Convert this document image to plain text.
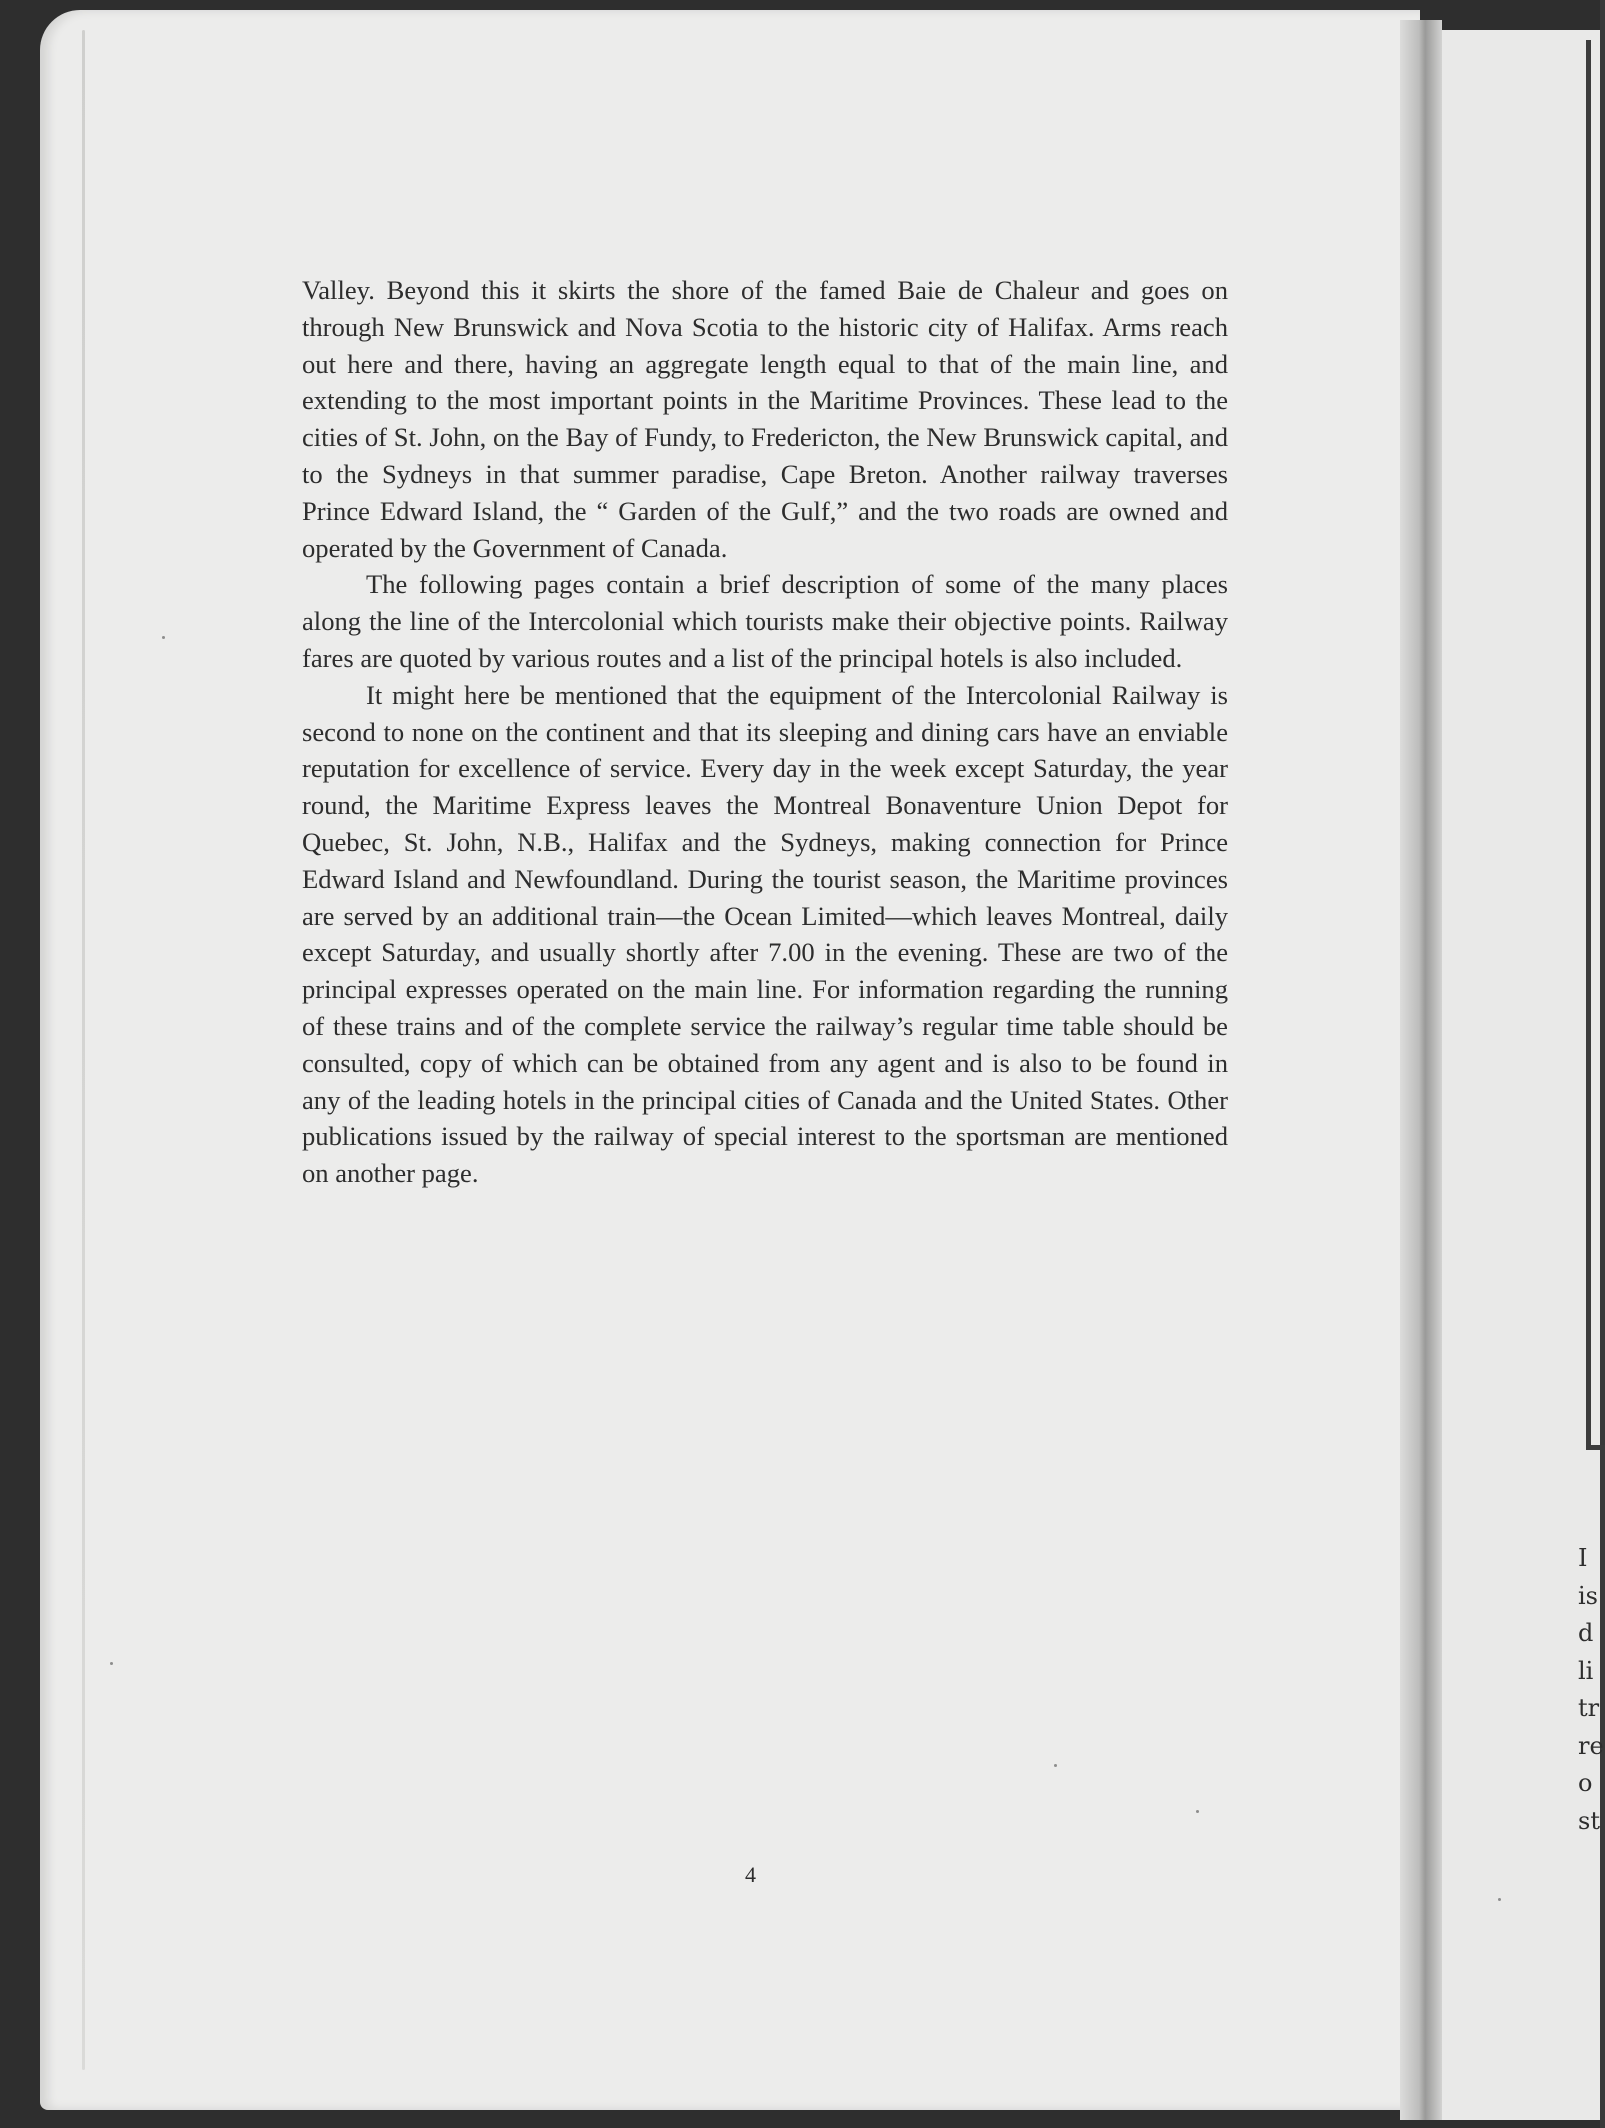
Valley. Beyond this it skirts the shore of the famed Baie de Chaleur and goes on through New Brunswick and Nova Scotia to the historic city of Halifax. Arms reach out here and there, having an aggregate length equal to that of the main line, and extending to the most important points in the Maritime Provinces. These lead to the cities of St. John, on the Bay of Fundy, to Fredericton, the New Brunswick capital, and to the Sydneys in that summer paradise, Cape Breton. Another railway traverses Prince Edward Island, the “ Garden of the Gulf,” and the two roads are owned and operated by the Government of Canada.

The following pages contain a brief description of some of the many places along the line of the Intercolonial which tourists make their objective points. Railway fares are quoted by various routes and a list of the principal hotels is also included.

It might here be mentioned that the equipment of the Intercolonial Railway is second to none on the continent and that its sleeping and dining cars have an enviable reputation for excellence of service. Every day in the week except Saturday, the year round, the Maritime Express leaves the Montreal Bonaventure Union Depot for Quebec, St. John, N.B., Halifax and the Sydneys, making connection for Prince Edward Island and Newfoundland. During the tourist season, the Maritime provinces are served by an additional train—the Ocean Limited—which leaves Montreal, daily except Saturday, and usually shortly after 7.00 in the evening. These are two of the principal expresses operated on the main line. For information regarding the running of these trains and of the complete service the railway’s regular time table should be consulted, copy of which can be obtained from any agent and is also to be found in any of the leading hotels in the principal cities of Canada and the United States. Other publications issued by the railway of special interest to the sportsman are mentioned on another page.

4
I
is
d
li
tr
re
o
st
